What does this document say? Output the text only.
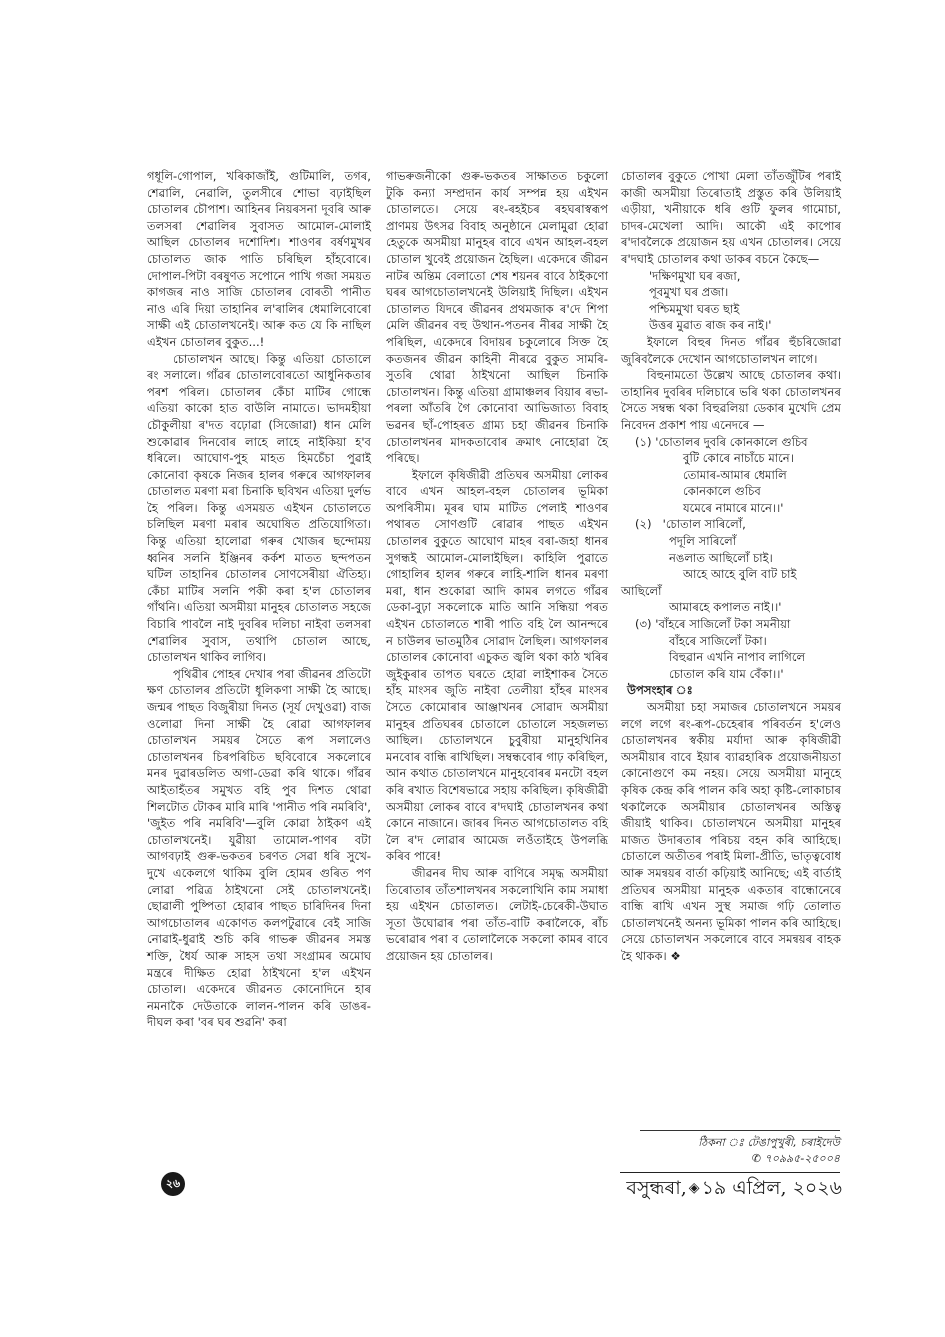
গধূলি-গোপাল, খৰিকাজাঁই, গুটিমালি, তগৰ, শেৱালি, নেৱালি, তুলসীৰে শোভা বঢ়াইছিল চোতালৰ চৌপাশ। আহিনৰ নিয়ৰসনা দূবৰি আৰু তলসৰা শেৱালিৰ সুবাসত আমোল-মোলাই আছিল চোতালৰ দশোদিশ। শাওণৰ বৰ্ষণমুখৰ চোতালত জাক পাতি চৰিছিল হাঁহবোৰে। দোপাল-পিটা বৰষুণত সপোনে পাখি গজা সময়ত কাগজৰ নাও সাজি চোতালৰ বোৰতী পানীত নাও এৰি দিয়া তাহানিৰ ল'ৰালিৰ ধেমালিবোৰো সাক্ষী এই চোতালখনেই। আৰু কত যে কি নাছিল এইখন চোতালৰ বুকুত...!

চোতালখন আছে। কিন্তু এতিয়া চোতালে ৰং সলালে। গাঁৱৰ চোতালবোৰতো আধুনিকতাৰ পৰশ পৰিল। চোতালৰ কেঁচা মাটিৰ গোন্ধে এতিয়া কাকো হাত বাউলি নামাতে। ভাদমহীয়া চৌকুলীয়া ৰ'দত বঢ়োৱা (সিজোৱা) ধান মেলি শুকোৱাৰ দিনবোৰ লাহে লাহে নাইকিয়া হ'ব ধৰিলে। আঘোণ-পুহ মাহত হিমচেঁচা পুৱাই কোনোবা কৃষকে নিজৰ হালৰ গৰুৰে আগফালৰ চোতালত মৰণা মৰা চিনাকি ছবিখন এতিয়া দুৰ্লভ হৈ পৰিল। কিন্তু এসময়ত এইখন চোতালতে চলিছিল মৰণা মৰাৰ অঘোষিত প্ৰতিযোগিতা। কিন্তু এতিয়া হালোৱা গৰুৰ খোজৰ ছন্দোময় ধ্বনিৰ সলনি ইঞ্জিনৰ কৰ্কশ মাতত ছন্দপতন ঘটিল তাহানিৰ চোতালৰ সোণসেৰীয়া ঐতিহ্য। কেঁচা মাটিৰ সলনি পকী কৰা হ'ল চোতালৰ গাঁথনি। এতিয়া অসমীয়া মানুহৰ চোতালত সহজে বিচাৰি পাবলৈ নাই দুবৰিৰ দলিচা নাইবা তলসৰা শেৱালিৰ সুবাস, তথাপি চোতাল আছে, চোতালখন থাকিব লাগিব।

পৃথিৱীৰ পোহৰ দেখাৰ পৰা জীৱনৰ প্ৰতিটো ক্ষণ চোতালৰ প্ৰতিটো ধূলিকণা সাক্ষী হৈ আছে। জন্মৰ পাছত বিজুৰীয়া দিনত (সূৰ্য দেখুওৱা) বাজ ওলোৱা দিনা সাক্ষী হৈ ৰোৱা আগফালৰ চোতালখন সময়ৰ সৈতে ৰূপ সলালেও চোতালখনৰ চিৰপৰিচিত ছবিবোৰে সকলোৰে মনৰ দুৱাৰডলিত অগা-ডেৱা কৰি থাকে। গাঁৱৰ আইতাহঁতৰ সমুখত বহি পুব দিশত থোৱা শিলটোত টোকৰ মাৰি মাৰি 'পানীত পৰি নমৰিবি', 'জুইত পৰি নমৰিবি'—বুলি কোৱা ঠাইকণ এই চোতালখনেই। যুৱীয়া তামোল-পাণৰ বটা আগবঢ়াই গুৰু-ভকতৰ চৰণত সেৱা ধৰি সুখে-দুখে একেলগে থাকিম বুলি হোমৰ গুৰিত পণ লোৱা পৱিত্ৰ ঠাইখনো সেই চোতালখনেই। ছোৱালী পুষ্পিতা হোৱাৰ পাছত চাৰিদিনৰ দিনা আগচোতালৰ একোণত কলপটুৱাৰে বেই সাজি নোৱাই-ধুৱাই শুচি কৰি গাভৰু জীৱনৰ সমস্ত শক্তি, ধৈৰ্য আৰু সাহস তথা সংগ্ৰামৰ অমোঘ মন্ত্ৰৰে দীক্ষিত হোৱা ঠাইখনো হ'ল এইখন চোতাল। একেদৰে জীৱনত কোনোদিনে হাৰ নমনাকৈ দেউতাকে লালন-পালন কৰি ডাঙৰ-দীঘল কৰা 'বৰ ঘৰ শুৱনি' কৰা

গাভৰুজনীকো গুৰু-ভকতৰ সাক্ষাতত চকুলো টুকি কন্যা সম্প্ৰদান কাৰ্য সম্পন্ন হয় এইখন চোতালতে। সেয়ে ৰং-ৰহইচৰ ৰহঘৰাস্বৰূপ প্ৰাণময় উৎসৱ বিবাহ অনুষ্ঠানে মেলামুৱা হোৱা হেতুকে অসমীয়া মানুহৰ বাবে এখন আহল-বহল চোতাল খুবেই প্ৰয়োজন হৈছিল। একেদৰে জীৱন নাটৰ অন্তিম বেলাতো শেষ শয়নৰ বাবে ঠাইকণো ঘৰৰ আগচোতালখনেই উলিয়াই দিছিল। এইখন চোতালত যিদৰে জীৱনৰ প্ৰথমজাক ৰ'দে শিপা মেলি জীৱনৰ বহু উত্থান-পতনৰ নীৰৱ সাক্ষী হৈ পৰিছিল, একেদৰে বিদায়ৰ চকুলোৰে সিক্ত হৈ কতজনৰ জীৱন কাহিনী নীৰৱে বুকুত সামৰি-সুতৰি থোৱা ঠাইখনো আছিল চিনাকি চোতালখন। কিন্তু এতিয়া গ্ৰামাঞ্চলৰ বিয়াৰ ৰভা-পৰলা আঁতৰি গৈ কোনোবা আভিজাত্য বিবাহ ভৱনৰ ছাঁ-পোহৰত গ্ৰাম্য চহা জীৱনৰ চিনাকি চোতালখনৰ মাদকতাবোৰ ক্ৰমাৎ নোহোৱা হৈ পৰিছে।

ইফালে কৃষিজীৱী প্ৰতিঘৰ অসমীয়া লোকৰ বাবে এখন আহল-বহল চোতালৰ ভূমিকা অপৰিসীম। মূৰৰ ঘাম মাটিত পেলাই শাওণৰ পথাৰত সোণগুটি ৰোৱাৰ পাছত এইখন চোতালৰ বুকুতে আঘোণ মাহৰ বৰা-জহা ধানৰ সুগন্ধই আমোল-মোলাইছিল। কাহিলি পুৱাতে গোহালিৰ হালৰ গৰুৰে লাহি-শালি ধানৰ মৰণা মৰা, ধান শুকোৱা আদি কামৰ লগতে গাঁৱৰ ডেকা-বুঢ়া সকলোকে মাতি আনি সন্ধিয়া পৰত এইখন চোতালতে শাৰী পাতি বহি লৈ আনন্দৰে ন চাউলৰ ভাতমুঠিৰ সোৱাদ লৈছিল। আগফালৰ চোতালৰ কোনোবা এচুকত জ্বলি থকা কাঠ খৰিৰ জুইকুৰাৰ তাপত ঘৰতে হোৱা লাইশাকৰ সৈতে হাঁহ মাংসৰ জুতি নাইবা তেলীয়া হাঁহৰ মাংসৰ সৈতে কোমোৰাৰ আঞ্জাখনৰ সোৱাদ অসমীয়া মানুহৰ প্ৰতিঘৰৰ চোতালে চোতালে সহজলভ্য আছিল। চোতালখনে চুবুৰীয়া মানুহখিনিৰ মনবোৰ বান্ধি ৰাখিছিল। সম্বন্ধবোৰ গাঢ় কৰিছিল, আন কথাত চোতালখনে মানুহবোৰৰ মনটো বহল কৰি ৰখাত বিশেষভাৱে সহায় কৰিছিল। কৃষিজীৱী অসমীয়া লোকৰ বাবে ৰ'দঘাই চোতালখনৰ কথা কোনে নাজানে। জাৰৰ দিনত আগচোতালত বহি লৈ ৰ'দ লোৱাৰ আমেজ লওঁতাইহে উপলব্ধি কৰিব পাৰে!

জীৱনৰ দীঘ আৰু বাণিৰে সমৃদ্ধ অসমীয়া তিৰোতাৰ তাঁতশালখনৰ সকলোখিনি কাম সমাধা হয় এইখন চোতালত। লেটাই-চেৰেকী-উঘাত সূতা উঘোৱাৰ পৰা তাঁত-বাটি কৰালৈকে, ৰাঁচ ভৰোৱাৰ পৰা ব তোলালৈকে সকলো কামৰ বাবে প্ৰয়োজন হয় চোতালৰ।

চোতালৰ বুকুতে পোখা মেলা তাঁতজুঁটিৰ পৰাই কাজী অসমীয়া তিৰোতাই প্ৰস্তুত কৰি উলিয়াই এড়ীয়া, খনীয়াকে ধৰি গুটি ফুলৰ গামোচা, চাদৰ-মেখেলা আদি। আকৌ এই কাপোৰ ৰ'দাবলৈকে প্ৰয়োজন হয় এখন চোতালৰ। সেয়ে ৰ'দঘাই চোতালৰ কথা ডাকৰ বচনে কৈছে—

'দক্ষিণমুখা ঘৰ ৰজা,
পূবমুখা ঘৰ প্ৰজা।
পশ্চিমমুখা ঘৰত ছাই
উত্তৰ মুৱাত ৰাজ কৰ নাই।'

ইফালে বিহুৰ দিনত গাঁৱৰ হুঁচৰিজোৱা জুৰিবলৈকে দেখোন আগচোতালখন লাগে।

বিহুনামতো উল্লেখ আছে চোতালৰ কথা। তাহানিৰ দুবৰিৰ দলিচাৰে ভৰি থকা চোতালখনৰ সৈতে সম্বন্ধ থকা বিহুৱলিয়া ডেকাৰ মুখেদি প্ৰেম নিবেদন প্ৰকাশ পায় এনেদৰে —

(১) 'চোতালৰ দুবৰি কোনকালে গুচিব
বুটি কোৰে নাচাঁচে মানে।
তোমাৰ-আমাৰ ধেমালি
কোনকালে গুচিব
যমেৰে নামাৰে মানে।।'
(২) 'চোতাল সাৰিলোঁ,
পদূলি সাৰিলোঁ
নঙলাত আছিলোঁ চাই।
আহে আহে বুলি বাট চাই
আছিলোঁ
আমাৰহে কপালত নাই।।'
(৩) 'বাঁহৰে সাজিলোঁ টকা সমনীয়া
বাঁহৰে সাজিলোঁ টকা।
বিহুৱান এখনি নাপাব লাগিলে
চোতাল কৰি যাম বেঁকা।।'

উপসংহাৰ ঃ

অসমীয়া চহা সমাজৰ চোতালখনে সময়ৰ লগে লগে ৰং-ৰূপ-চেহেৰাৰ পৰিবৰ্তন হ'লেও চোতালখনৰ স্বকীয় মৰ্যাদা আৰু কৃষিজীৱী অসমীয়াৰ বাবে ইয়াৰ ব্যাৱহাৰিক প্ৰয়োজনীয়তা কোনোগুণে কম নহয়। সেয়ে অসমীয়া মানুহে কৃষিক কেন্দ্ৰ কৰি পালন কৰি অহা কৃষ্টি-লোকাচাৰ থকালৈকে অসমীয়াৰ চোতালখনৰ অস্তিত্ব জীয়াই থাকিব। চোতালখনে অসমীয়া মানুহৰ মাজত উদাৰতাৰ পৰিচয় বহন কৰি আহিছে। চোতালে অতীতৰ পৰাই মিলা-প্ৰীতি, ভাতৃত্ববোধ আৰু সমন্বয়ৰ বাৰ্তা কঢ়িয়াই আনিছে; এই বাৰ্তাই প্ৰতিঘৰ অসমীয়া মানুহক একতাৰ বান্ধোনেৰে বান্ধি ৰাখি এখন সুস্থ সমাজ গঢ়ি তোলাত চোতালখনেই অনন্য ভূমিকা পালন কৰি আহিছে। সেয়ে চোতালখন সকলোৰে বাবে সমন্বয়ৰ বাহক হৈ থাকক। ❖

ঠিকনা ঃ টেঙাপুখুৰী, চৰাইদেউ
✆ ৭০৯৯৫-২৫০০৪
বসুন্ধৰা, ◈ ১৯ এপ্ৰিল, ২০২৬
২৬
